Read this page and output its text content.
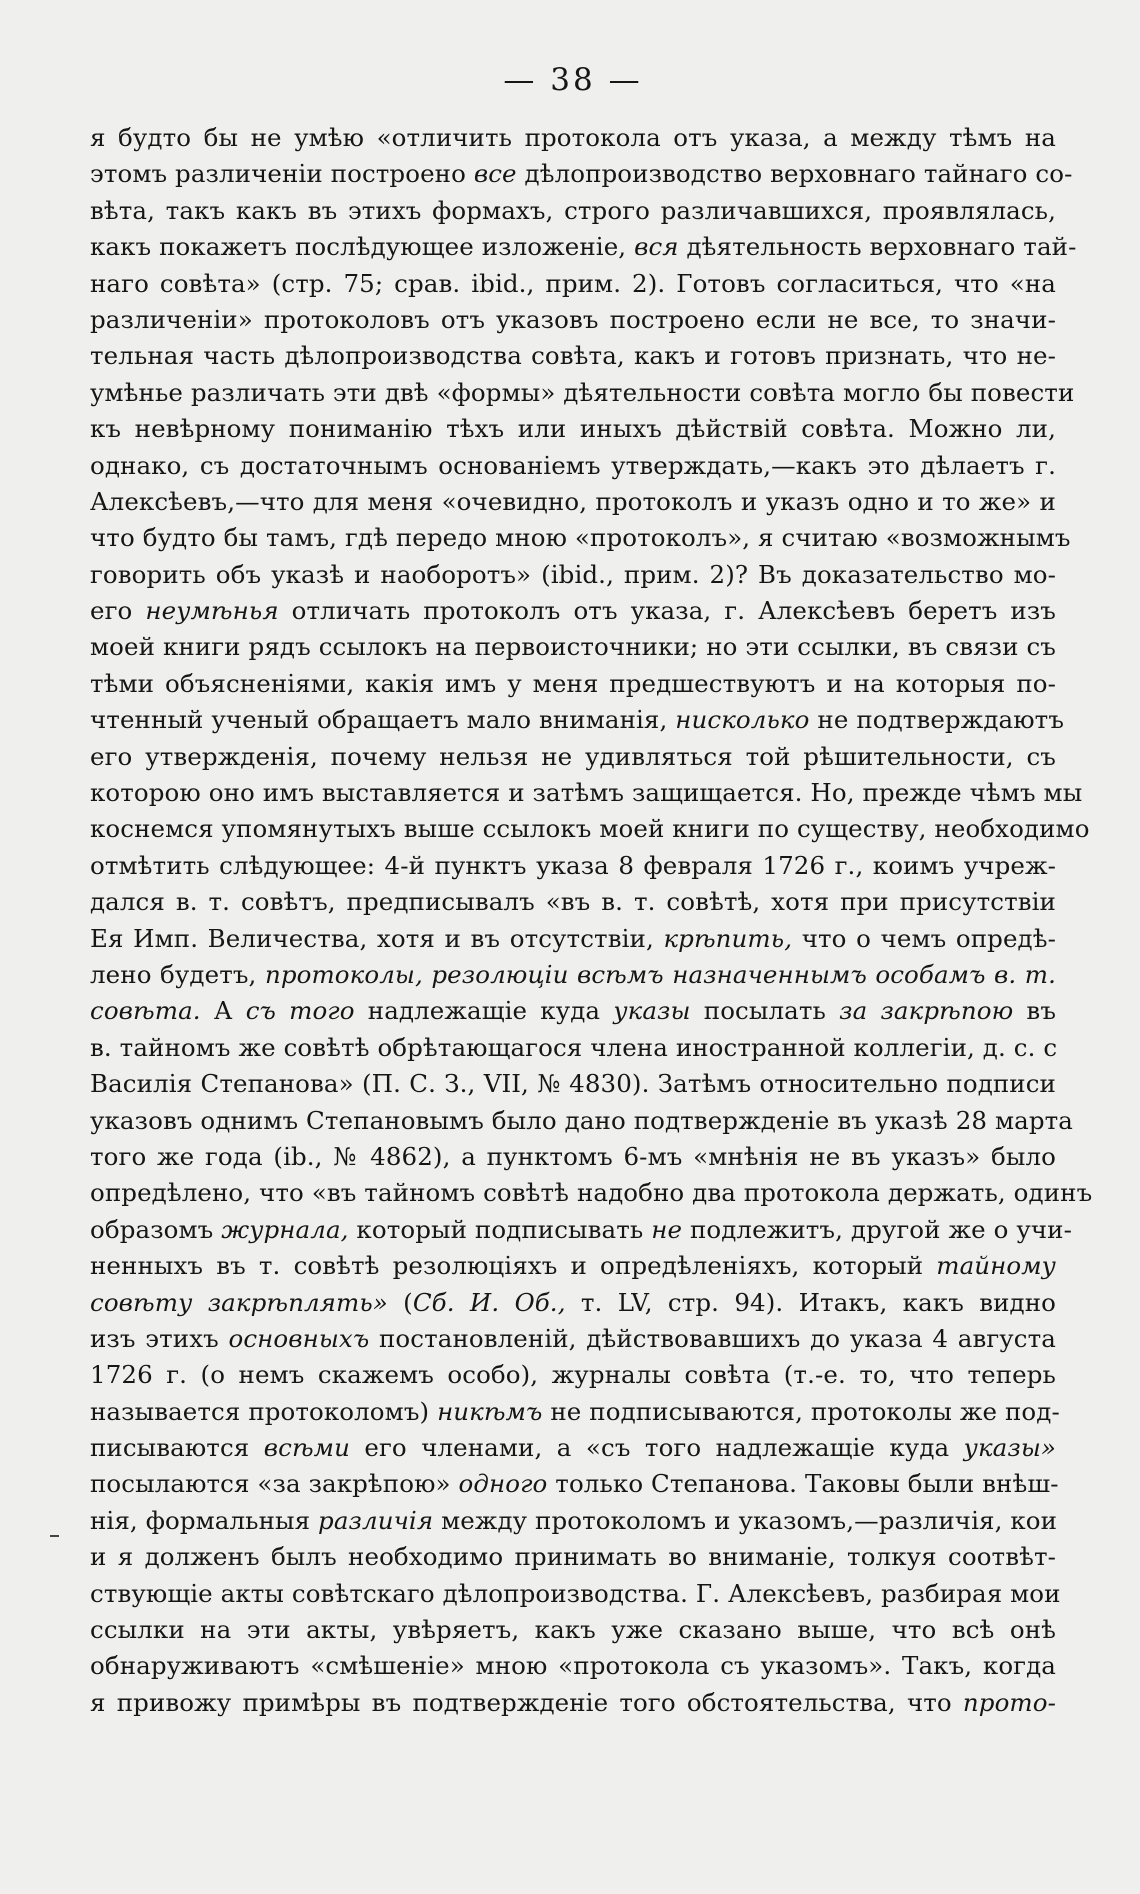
— 38 —
я будто бы не умѣю «отличить протокола отъ указа, а между тѣмъ на
этомъ различеніи построено все дѣлопроизводство верховнаго тайнаго со-
вѣта, такъ какъ въ этихъ формахъ, строго различавшихся, проявлялась,
какъ покажетъ послѣдующее изложеніе, вся дѣятельность верховнаго тай-
наго совѣта» (стр. 75; срав. ibid., прим. 2). Готовъ согласиться, что «на
различеніи» протоколовъ отъ указовъ построено если не все, то значи-
тельная часть дѣлопроизводства совѣта, какъ и готовъ признать, что не-
умѣнье различать эти двѣ «формы» дѣятельности совѣта могло бы повести
къ невѣрному пониманію тѣхъ или иныхъ дѣйствій совѣта. Можно ли,
однако, съ достаточнымъ основаніемъ утверждать,—какъ это дѣлаетъ г.
Алексѣевъ,—что для меня «очевидно, протоколъ и указъ одно и то же» и
что будто бы тамъ, гдѣ передо мною «протоколъ», я считаю «возможнымъ
говорить объ указѣ и наоборотъ» (ibid., прим. 2)? Въ доказательство мо-
его неумѣнья отличать протоколъ отъ указа, г. Алексѣевъ беретъ изъ
моей книги рядъ ссылокъ на первоисточники; но эти ссылки, въ связи съ
тѣми объясненіями, какія имъ у меня предшествуютъ и на которыя по-
чтенный ученый обращаетъ мало вниманія, нисколько не подтверждаютъ
его утвержденія, почему нельзя не удивляться той рѣшительности, съ
которою оно имъ выставляется и затѣмъ защищается. Но, прежде чѣмъ мы
коснемся упомянутыхъ выше ссылокъ моей книги по существу, необходимо
отмѣтить слѣдующее: 4-й пунктъ указа 8 февраля 1726 г., коимъ учреж-
дался в. т. совѣтъ, предписывалъ «въ в. т. совѣтѣ, хотя при присутствіи
Ея Имп. Величества, хотя и въ отсутствіи, крѣпить, что о чемъ опредѣ-
лено будетъ, протоколы, резолюціи всѣмъ назначеннымъ особамъ в. т.
совѣта. А съ того надлежащіе куда указы посылать за закрѣпою въ
в. тайномъ же совѣтѣ обрѣтающагося члена иностранной коллегіи, д. с. с
Василія Степанова» (П. С. З., VII, № 4830). Затѣмъ относительно подписи
указовъ однимъ Степановымъ было дано подтвержденіе въ указѣ 28 марта
того же года (ib., № 4862), а пунктомъ 6-мъ «мнѣнія не въ указъ» было
опредѣлено, что «въ тайномъ совѣтѣ надобно два протокола держать, одинъ
образомъ журнала, который подписывать не подлежитъ, другой же о учи-
ненныхъ въ т. совѣтѣ резолюціяхъ и опредѣленіяхъ, который тайному
совѣту закрѣплять» (Сб. И. Об., т. LV, стр. 94). Итакъ, какъ видно
изъ этихъ основныхъ постановленій, дѣйствовавшихъ до указа 4 августа
1726 г. (о немъ скажемъ особо), журналы совѣта (т.-е. то, что теперь
называется протоколомъ) никѣмъ не подписываются, протоколы же под-
писываются всѣми его членами, а «съ того надлежащіе куда указы»
посылаются «за закрѣпою» одного только Степанова. Таковы были внѣш-
нія, формальныя различія между протоколомъ и указомъ,—различія, кои
и я долженъ былъ необходимо принимать во вниманіе, толкуя соотвѣт-
ствующіе акты совѣтскаго дѣлопроизводства. Г. Алексѣевъ, разбирая мои
ссылки на эти акты, увѣряетъ, какъ уже сказано выше, что всѣ онѣ
обнаруживаютъ «смѣшеніе» мною «протокола съ указомъ». Такъ, когда
я привожу примѣры въ подтвержденіе того обстоятельства, что прото-
